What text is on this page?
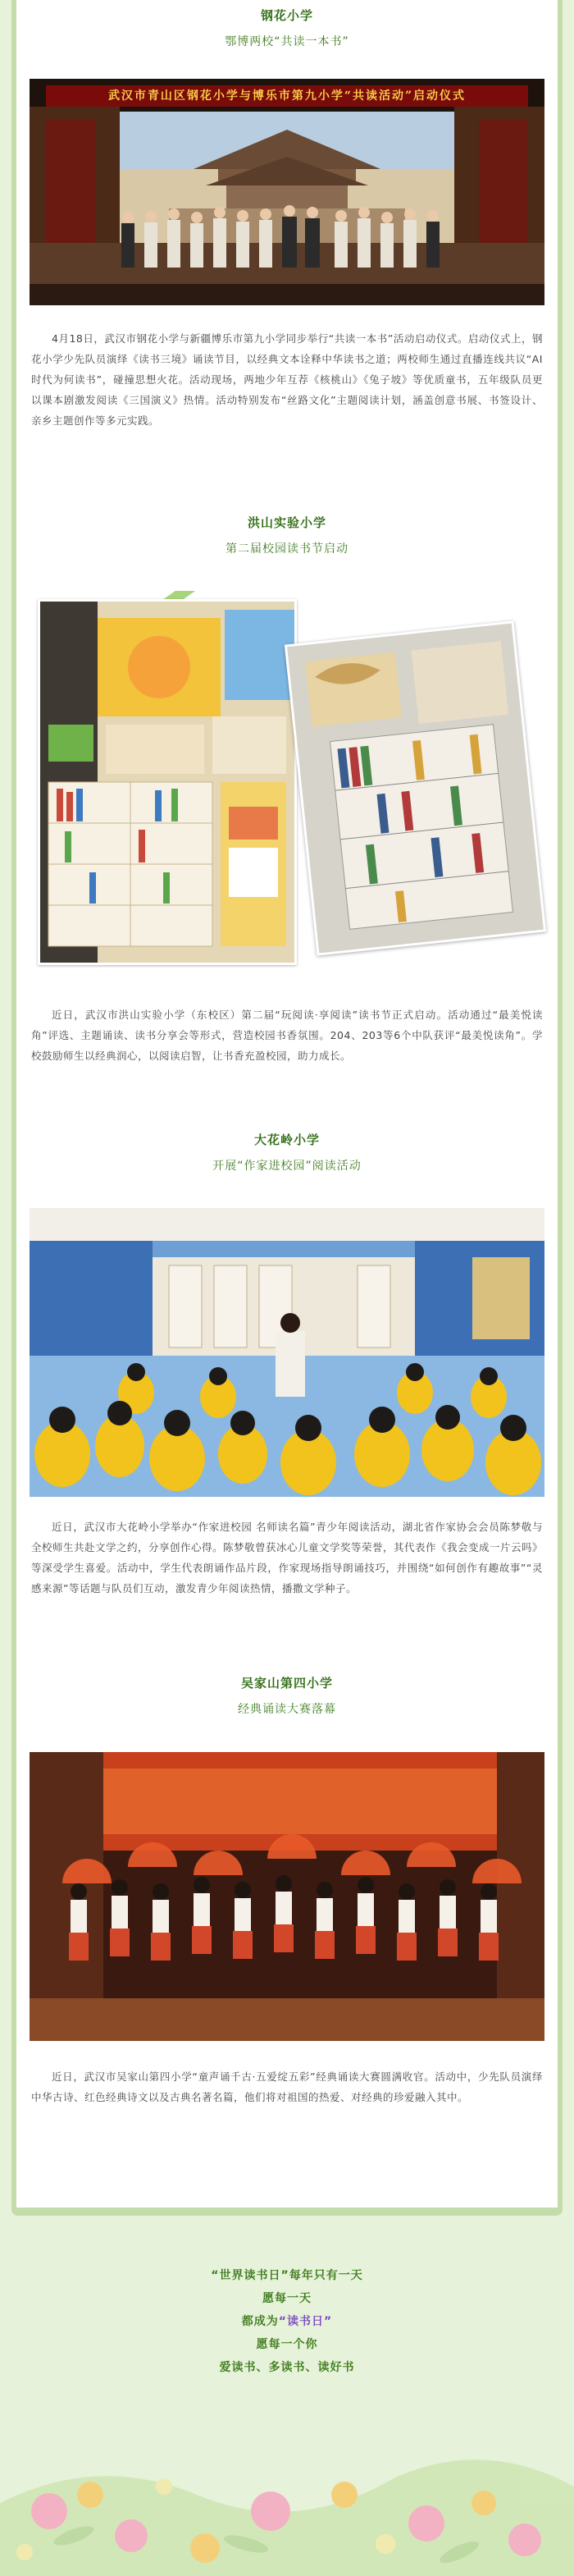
钢花小学
鄂博两校“共读一本书”
武汉市青山区钢花小学与博乐市第九小学“共读活动”启动仪式

4月18日，武汉市钢花小学与新疆博乐市第九小学同步举行“共读一本书”活动启动仪式。启动仪式上，钢花小学少先队员演绎《读书三境》诵读节目，以经典文本诠释中华读书之道；两校师生通过直播连线共议“AI时代为何读书”，碰撞思想火花。活动现场，两地少年互荐《核桃山》《兔子坡》等优质童书，五年级队员更以课本剧激发阅读《三国演义》热情。活动特别发布“丝路文化”主题阅读计划，涵盖创意书展、书签设计、亲乡主题创作等多元实践。

洪山实验小学
第二届校园读书节启动

近日，武汉市洪山实验小学（东校区）第二届“玩阅读·享阅读”读书节正式启动。活动通过“最美悦读角”评选、主题诵读、读书分享会等形式，营造校园书香氛围。204、203等6个中队获评“最美悦读角”。学校鼓励师生以经典润心，以阅读启智，让书香充盈校园，助力成长。

大花岭小学
开展“作家进校园”阅读活动

近日，武汉市大花岭小学举办“作家进校园 名师读名篇”青少年阅读活动，湖北省作家协会会员陈梦敬与全校师生共赴文学之约，分享创作心得。陈梦敬曾获冰心儿童文学奖等荣誉，其代表作《我会变成一片云吗》等深受学生喜爱。活动中，学生代表朗诵作品片段，作家现场指导朗诵技巧，并围绕“如何创作有趣故事”“灵感来源”等话题与队员们互动，激发青少年阅读热情，播撒文学种子。

吴家山第四小学
经典诵读大赛落幕

近日，武汉市吴家山第四小学“童声诵千古·五爱绽五彩”经典诵读大赛圆满收官。活动中，少先队员演绎中华古诗、红色经典诗文以及古典名著名篇，他们将对祖国的热爱、对经典的珍爱融入其中。

“世界读书日”每年只有一天
愿每一天
都成为“读书日”
愿每一个你
爱读书、多读书、读好书
